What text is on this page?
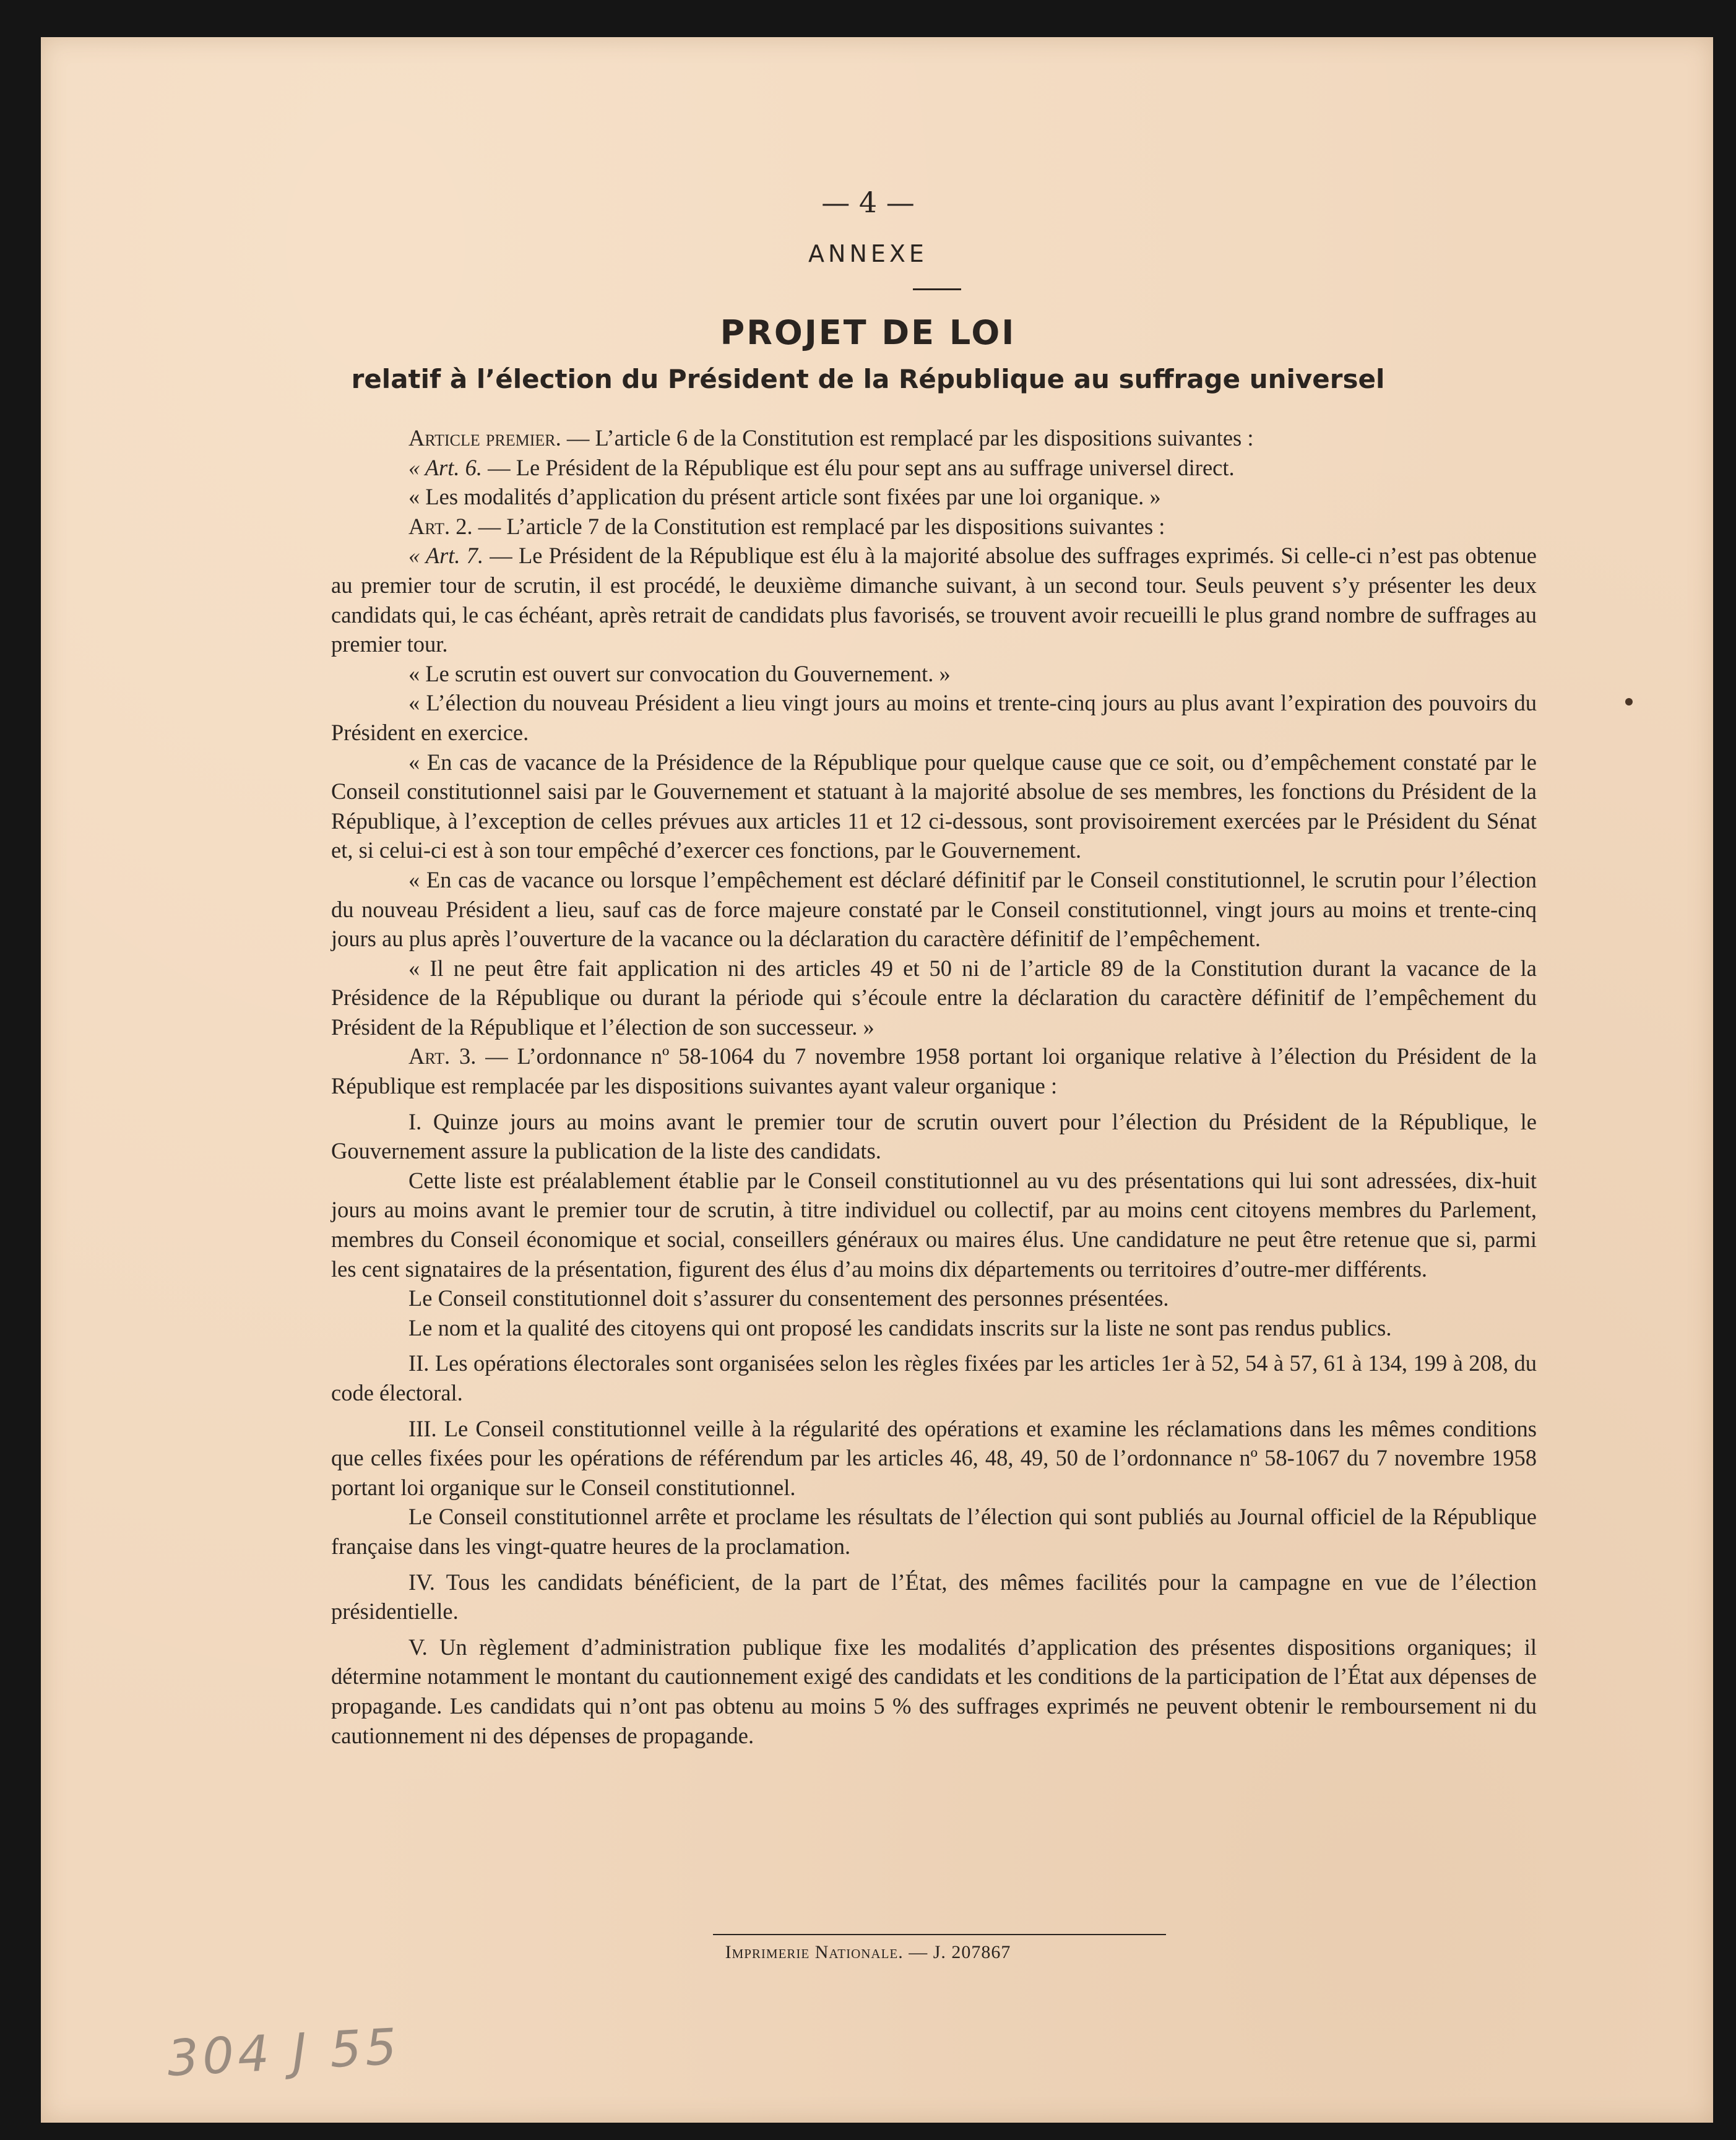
— 4 —
ANNEXE
PROJET DE LOI
relatif à l’élection du Président de la République au suffrage universel

Article premier. — L’article 6 de la Constitution est remplacé par les dispositions suivantes :

« Art. 6. — Le Président de la République est élu pour sept ans au suffrage universel direct.

« Les modalités d’application du présent article sont fixées par une loi organique. »

Art. 2. — L’article 7 de la Constitution est remplacé par les dispositions suivantes :

« Art. 7. — Le Président de la République est élu à la majorité absolue des suffrages exprimés. Si celle-ci n’est pas obtenue au premier tour de scrutin, il est procédé, le deuxième dimanche suivant, à un second tour. Seuls peuvent s’y présenter les deux candidats qui, le cas échéant, après retrait de candidats plus favorisés, se trouvent avoir recueilli le plus grand nombre de suffrages au premier tour.

« Le scrutin est ouvert sur convocation du Gouvernement. »

« L’élection du nouveau Président a lieu vingt jours au moins et trente-cinq jours au plus avant l’expiration des pouvoirs du Président en exercice.

« En cas de vacance de la Présidence de la République pour quelque cause que ce soit, ou d’empêchement constaté par le Conseil constitutionnel saisi par le Gouvernement et statuant à la majorité absolue de ses membres, les fonctions du Président de la République, à l’exception de celles prévues aux articles 11 et 12 ci-dessous, sont provisoirement exercées par le Président du Sénat et, si celui-ci est à son tour empêché d’exercer ces fonctions, par le Gouvernement.

« En cas de vacance ou lorsque l’empêchement est déclaré définitif par le Conseil constitutionnel, le scrutin pour l’élection du nouveau Président a lieu, sauf cas de force majeure constaté par le Conseil constitutionnel, vingt jours au moins et trente-cinq jours au plus après l’ouverture de la vacance ou la déclaration du caractère définitif de l’empêchement.

« Il ne peut être fait application ni des articles 49 et 50 ni de l’article 89 de la Constitution durant la vacance de la Présidence de la République ou durant la période qui s’écoule entre la déclaration du caractère définitif de l’empêchement du Président de la République et l’élection de son successeur. »

Art. 3. — L’ordonnance nº 58-1064 du 7 novembre 1958 portant loi organique relative à l’élection du Président de la République est remplacée par les dispositions suivantes ayant valeur organique :

I. Quinze jours au moins avant le premier tour de scrutin ouvert pour l’élection du Président de la République, le Gouvernement assure la publication de la liste des candidats.

Cette liste est préalablement établie par le Conseil constitutionnel au vu des présentations qui lui sont adressées, dix-huit jours au moins avant le premier tour de scrutin, à titre individuel ou collectif, par au moins cent citoyens membres du Parlement, membres du Conseil économique et social, conseillers généraux ou maires élus. Une candidature ne peut être retenue que si, parmi les cent signataires de la présentation, figurent des élus d’au moins dix départements ou territoires d’outre-mer différents.

Le Conseil constitutionnel doit s’assurer du consentement des personnes présentées.

Le nom et la qualité des citoyens qui ont proposé les candidats inscrits sur la liste ne sont pas rendus publics.

II. Les opérations électorales sont organisées selon les règles fixées par les articles 1er à 52, 54 à 57, 61 à 134, 199 à 208, du code électoral.

III. Le Conseil constitutionnel veille à la régularité des opérations et examine les réclamations dans les mêmes conditions que celles fixées pour les opérations de référendum par les articles 46, 48, 49, 50 de l’ordonnance nº 58-1067 du 7 novembre 1958 portant loi organique sur le Conseil constitutionnel.

Le Conseil constitutionnel arrête et proclame les résultats de l’élection qui sont publiés au Journal officiel de la République française dans les vingt-quatre heures de la proclamation.

IV. Tous les candidats bénéficient, de la part de l’État, des mêmes facilités pour la campagne en vue de l’élection présidentielle.

V. Un règlement d’administration publique fixe les modalités d’application des présentes dispositions organiques; il détermine notamment le montant du cautionnement exigé des candidats et les conditions de la participation de l’État aux dépenses de propagande. Les candidats qui n’ont pas obtenu au moins 5 % des suffrages exprimés ne peuvent obtenir le remboursement ni du cautionnement ni des dépenses de propagande.

Imprimerie Nationale. — J. 207867
304 J 55
